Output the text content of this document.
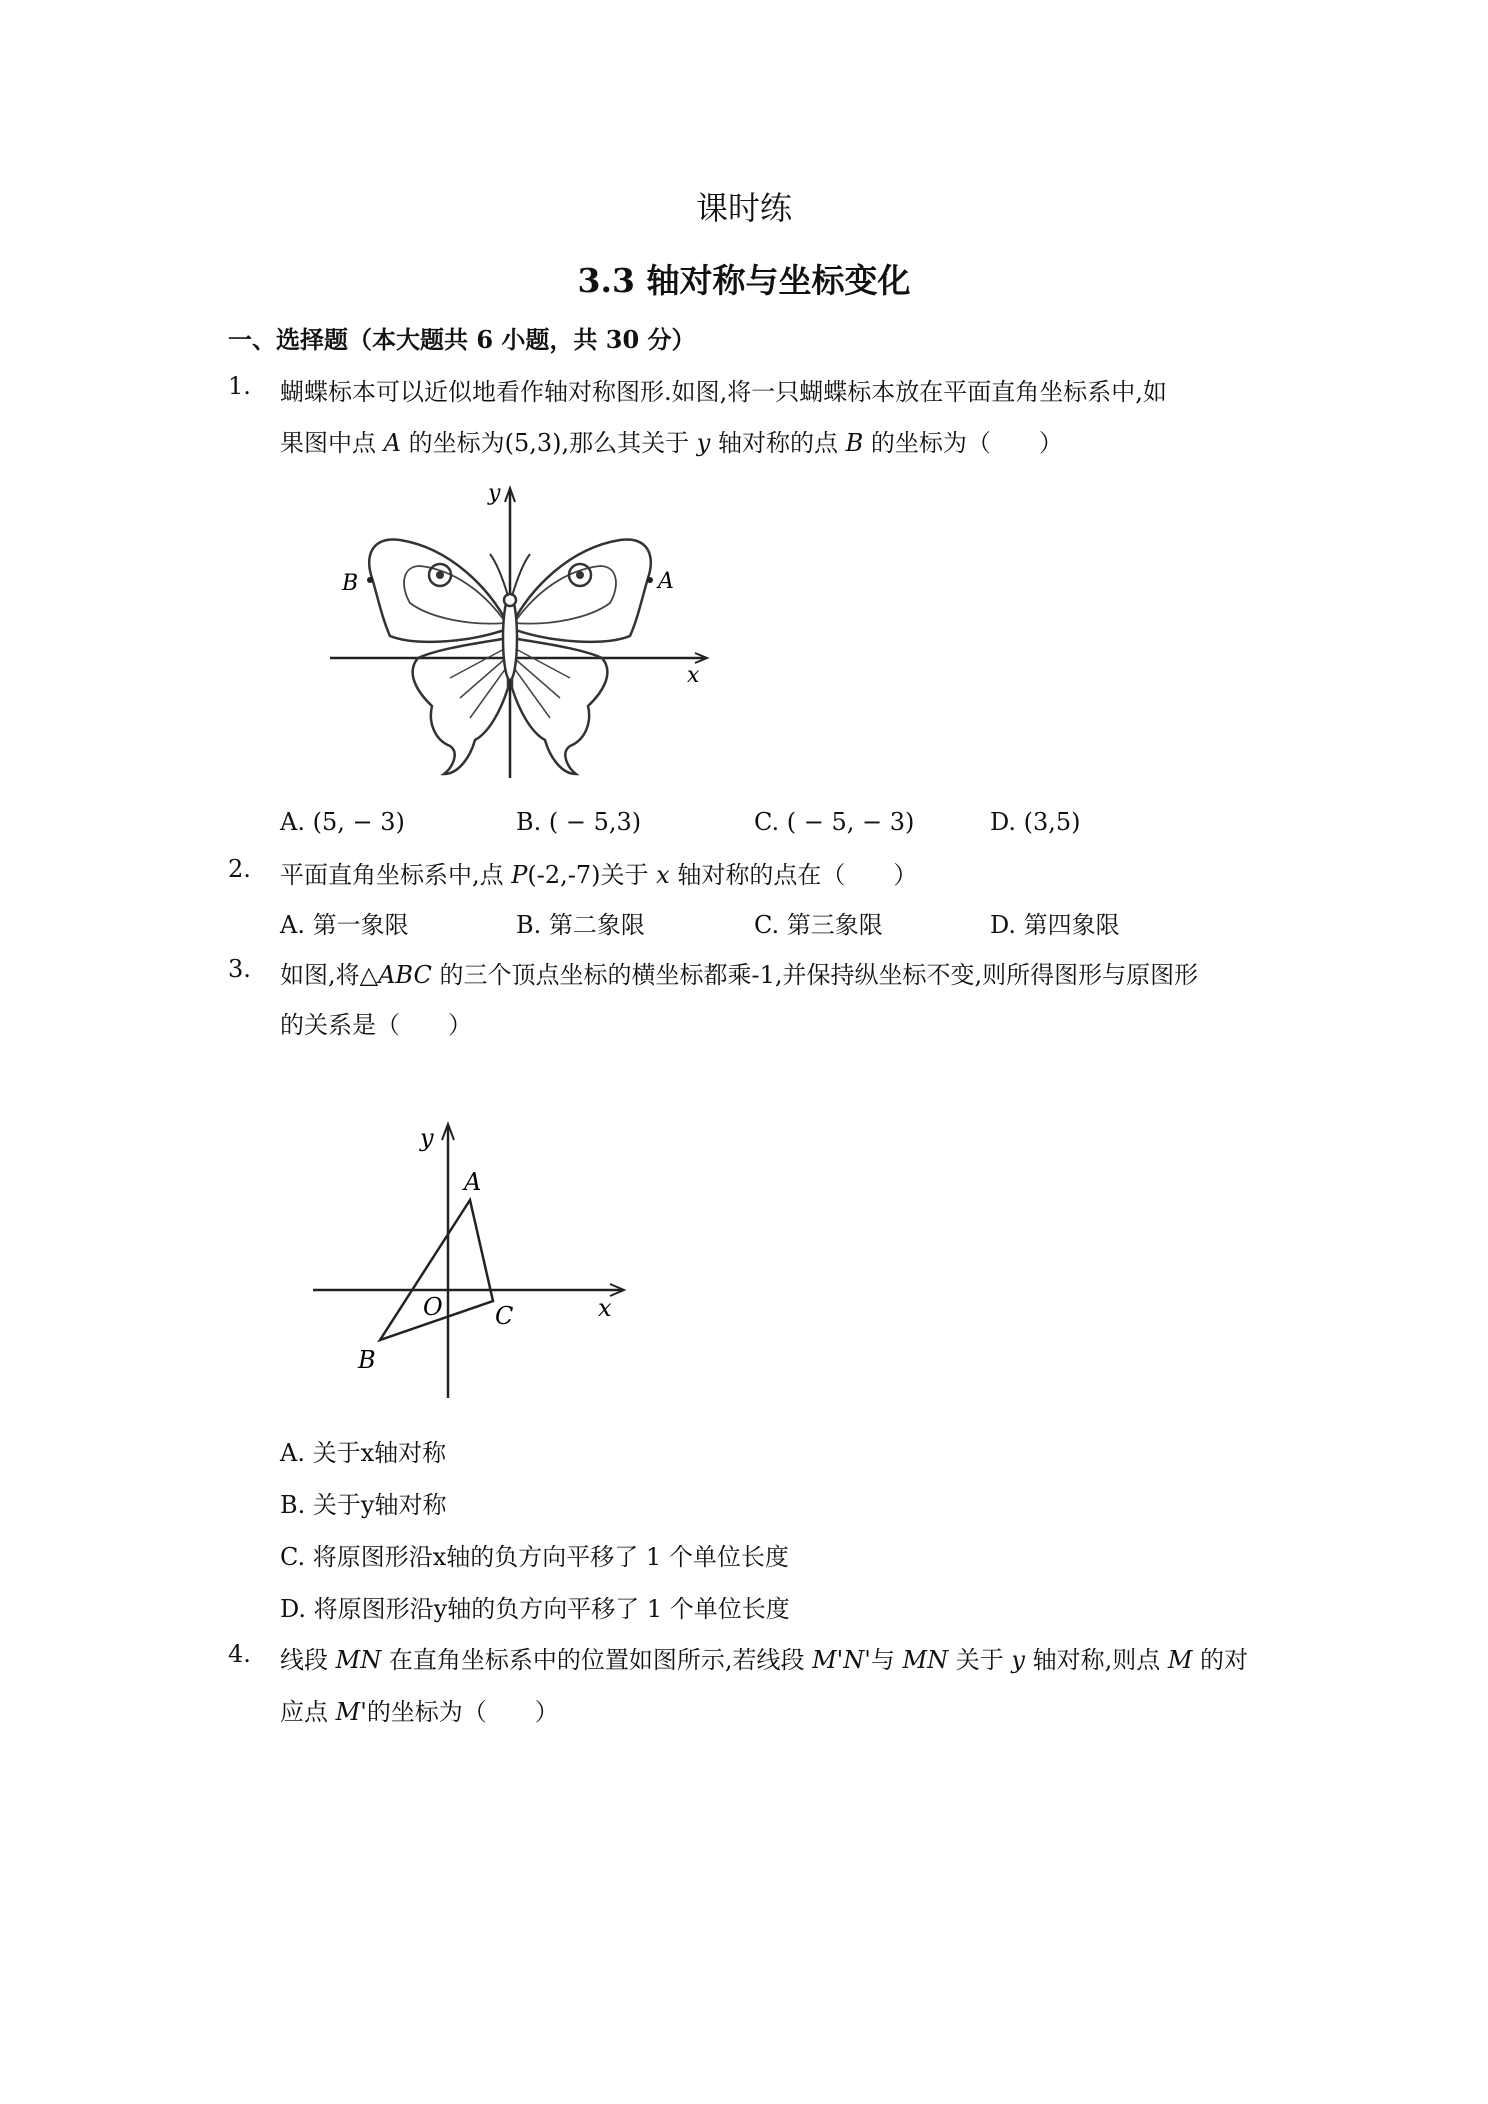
课时练
3.3 轴对称与坐标变化
一、选择题（本大题共 6 小题，共 30 分）
1. 蝴蝶标本可以近似地看作轴对称图形.如图,将一只蝴蝶标本放在平面直角坐标系中,如
果图中点 A 的坐标为(5,3),那么其关于 y 轴对称的点 B 的坐标为（　　）
B	A
y
x
A. (5, − 3)	B. ( − 5,3)	C. ( − 5, − 3)	D. (3,5)
2. 平面直角坐标系中,点 P(-2,-7)关于 x 轴对称的点在（　　）
A. 第一象限	B. 第二象限	C. 第三象限	D. 第四象限
3. 如图,将△ABC 的三个顶点坐标的横坐标都乘-1,并保持纵坐标不变,则所得图形与原图形
的关系是（　　）
y
x
A
B
C
O
A. 关于x轴对称
B. 关于y轴对称
C. 将原图形沿x轴的负方向平移了 1 个单位长度
D. 将原图形沿y轴的负方向平移了 1 个单位长度
4. 线段 MN 在直角坐标系中的位置如图所示,若线段 M'N'与 MN 关于 y 轴对称,则点 M 的对
应点 M'的坐标为（　　）
